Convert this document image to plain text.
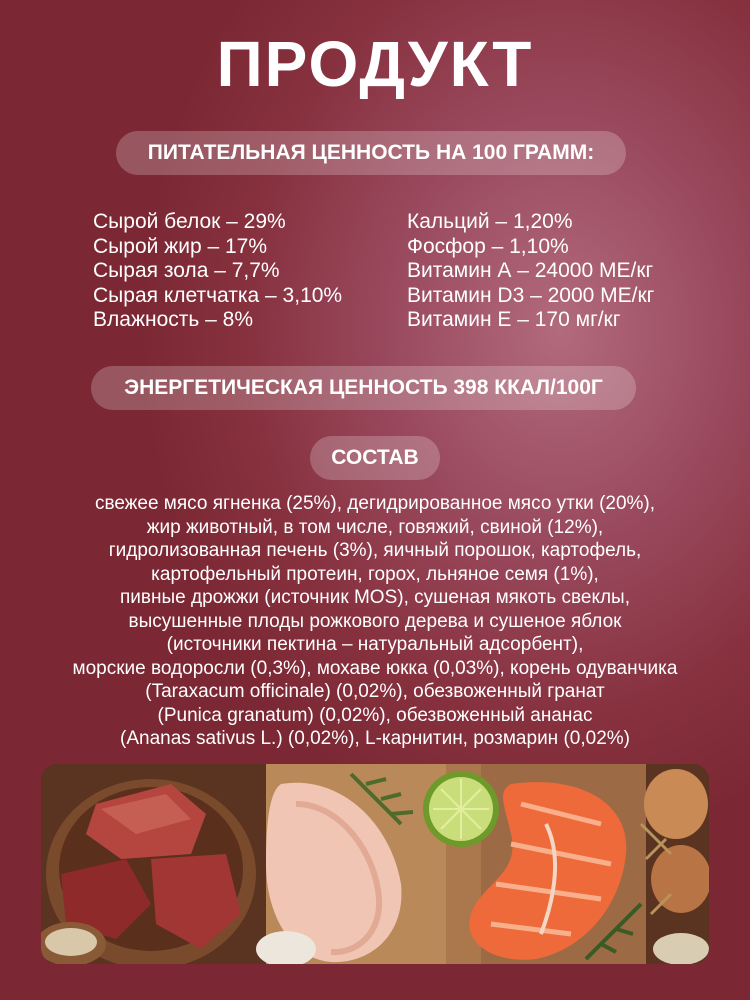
ПРОДУКТ
ПИТАТЕЛЬНАЯ ЦЕННОСТЬ НА 100 ГРАММ:
Сырой белок – 29%
Сырой жир – 17%
Сырая зола – 7,7%
Сырая клетчатка – 3,10%
Влажность – 8%
Кальций – 1,20%
Фосфор – 1,10%
Витамин А – 24000 МЕ/кг
Витамин D3 – 2000 МЕ/кг
Витамин Е – 170 мг/кг
ЭНЕРГЕТИЧЕСКАЯ ЦЕННОСТЬ 398 ККАЛ/100Г
СОСТАВ
свежее мясо ягненка (25%), дегидрированное мясо утки (20%),
жир животный, в том числе, говяжий, свиной (12%),
гидролизованная печень (3%), яичный порошок, картофель,
картофельный протеин, горох, льняное семя (1%),
пивные дрожжи (источник MOS), сушеная мякоть свеклы,
высушенные плоды рожкового дерева и сушеное яблок
(источники пектина – натуральный адсорбент),
морские водоросли (0,3%), мохаве юкка (0,03%), корень одуванчика
(Taraxacum officinale) (0,02%), обезвоженный гранат
(Punica granatum) (0,02%), обезвоженный ананас
(Ananas sativus L.) (0,02%), L-карнитин, розмарин (0,02%)
